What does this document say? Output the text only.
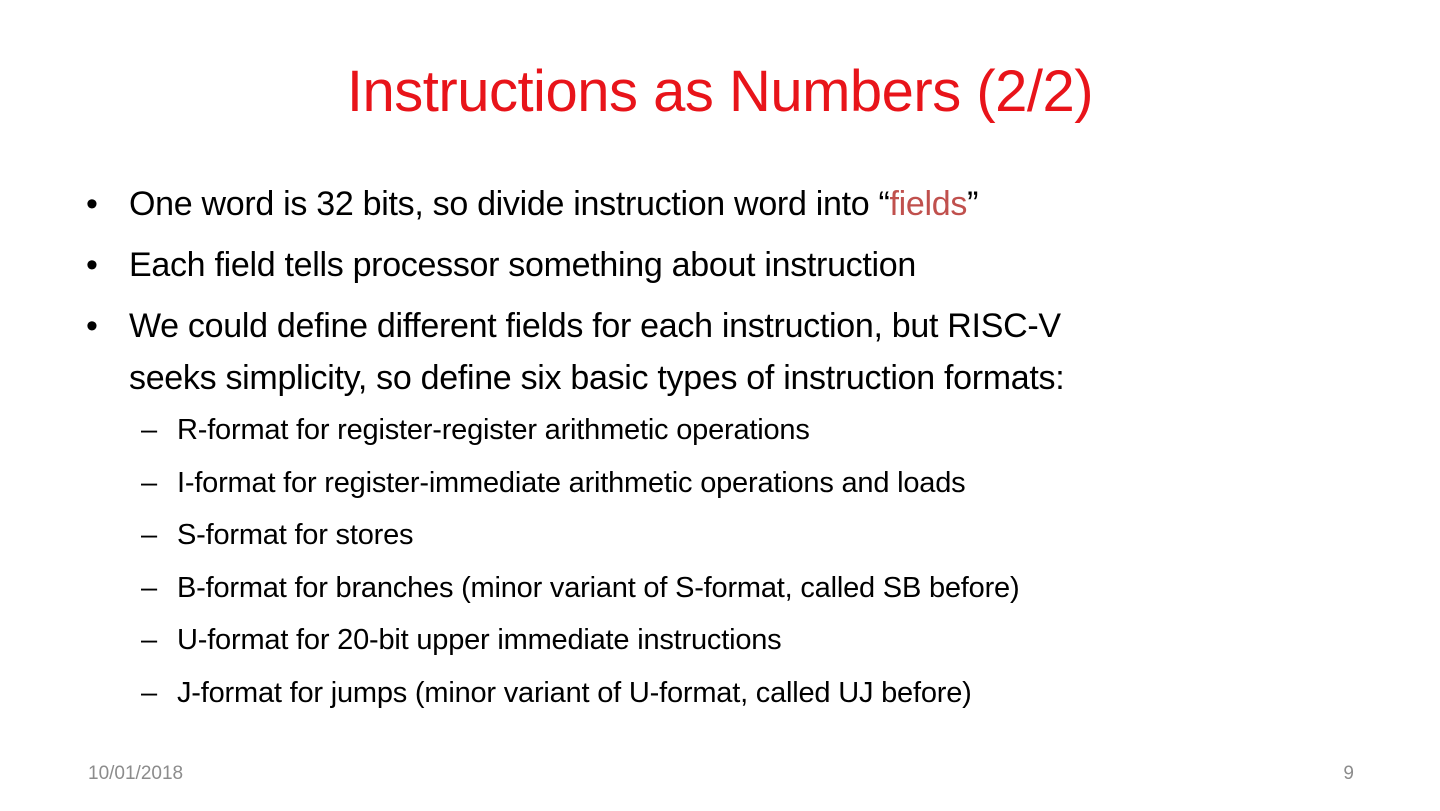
Instructions as Numbers (2/2)
• One word is 32 bits, so divide instruction word into “fields”
• Each field tells processor something about instruction
• We could define different fields for each instruction, but RISC-V
seeks simplicity, so define six basic types of instruction formats:
– R-format for register-register arithmetic operations
– I-format for register-immediate arithmetic operations and loads
– S-format for stores
– B-format for branches (minor variant of S-format, called SB before)
– U-format for 20-bit upper immediate instructions
– J-format for jumps (minor variant of U-format, called UJ before)
10/01/2018	9
